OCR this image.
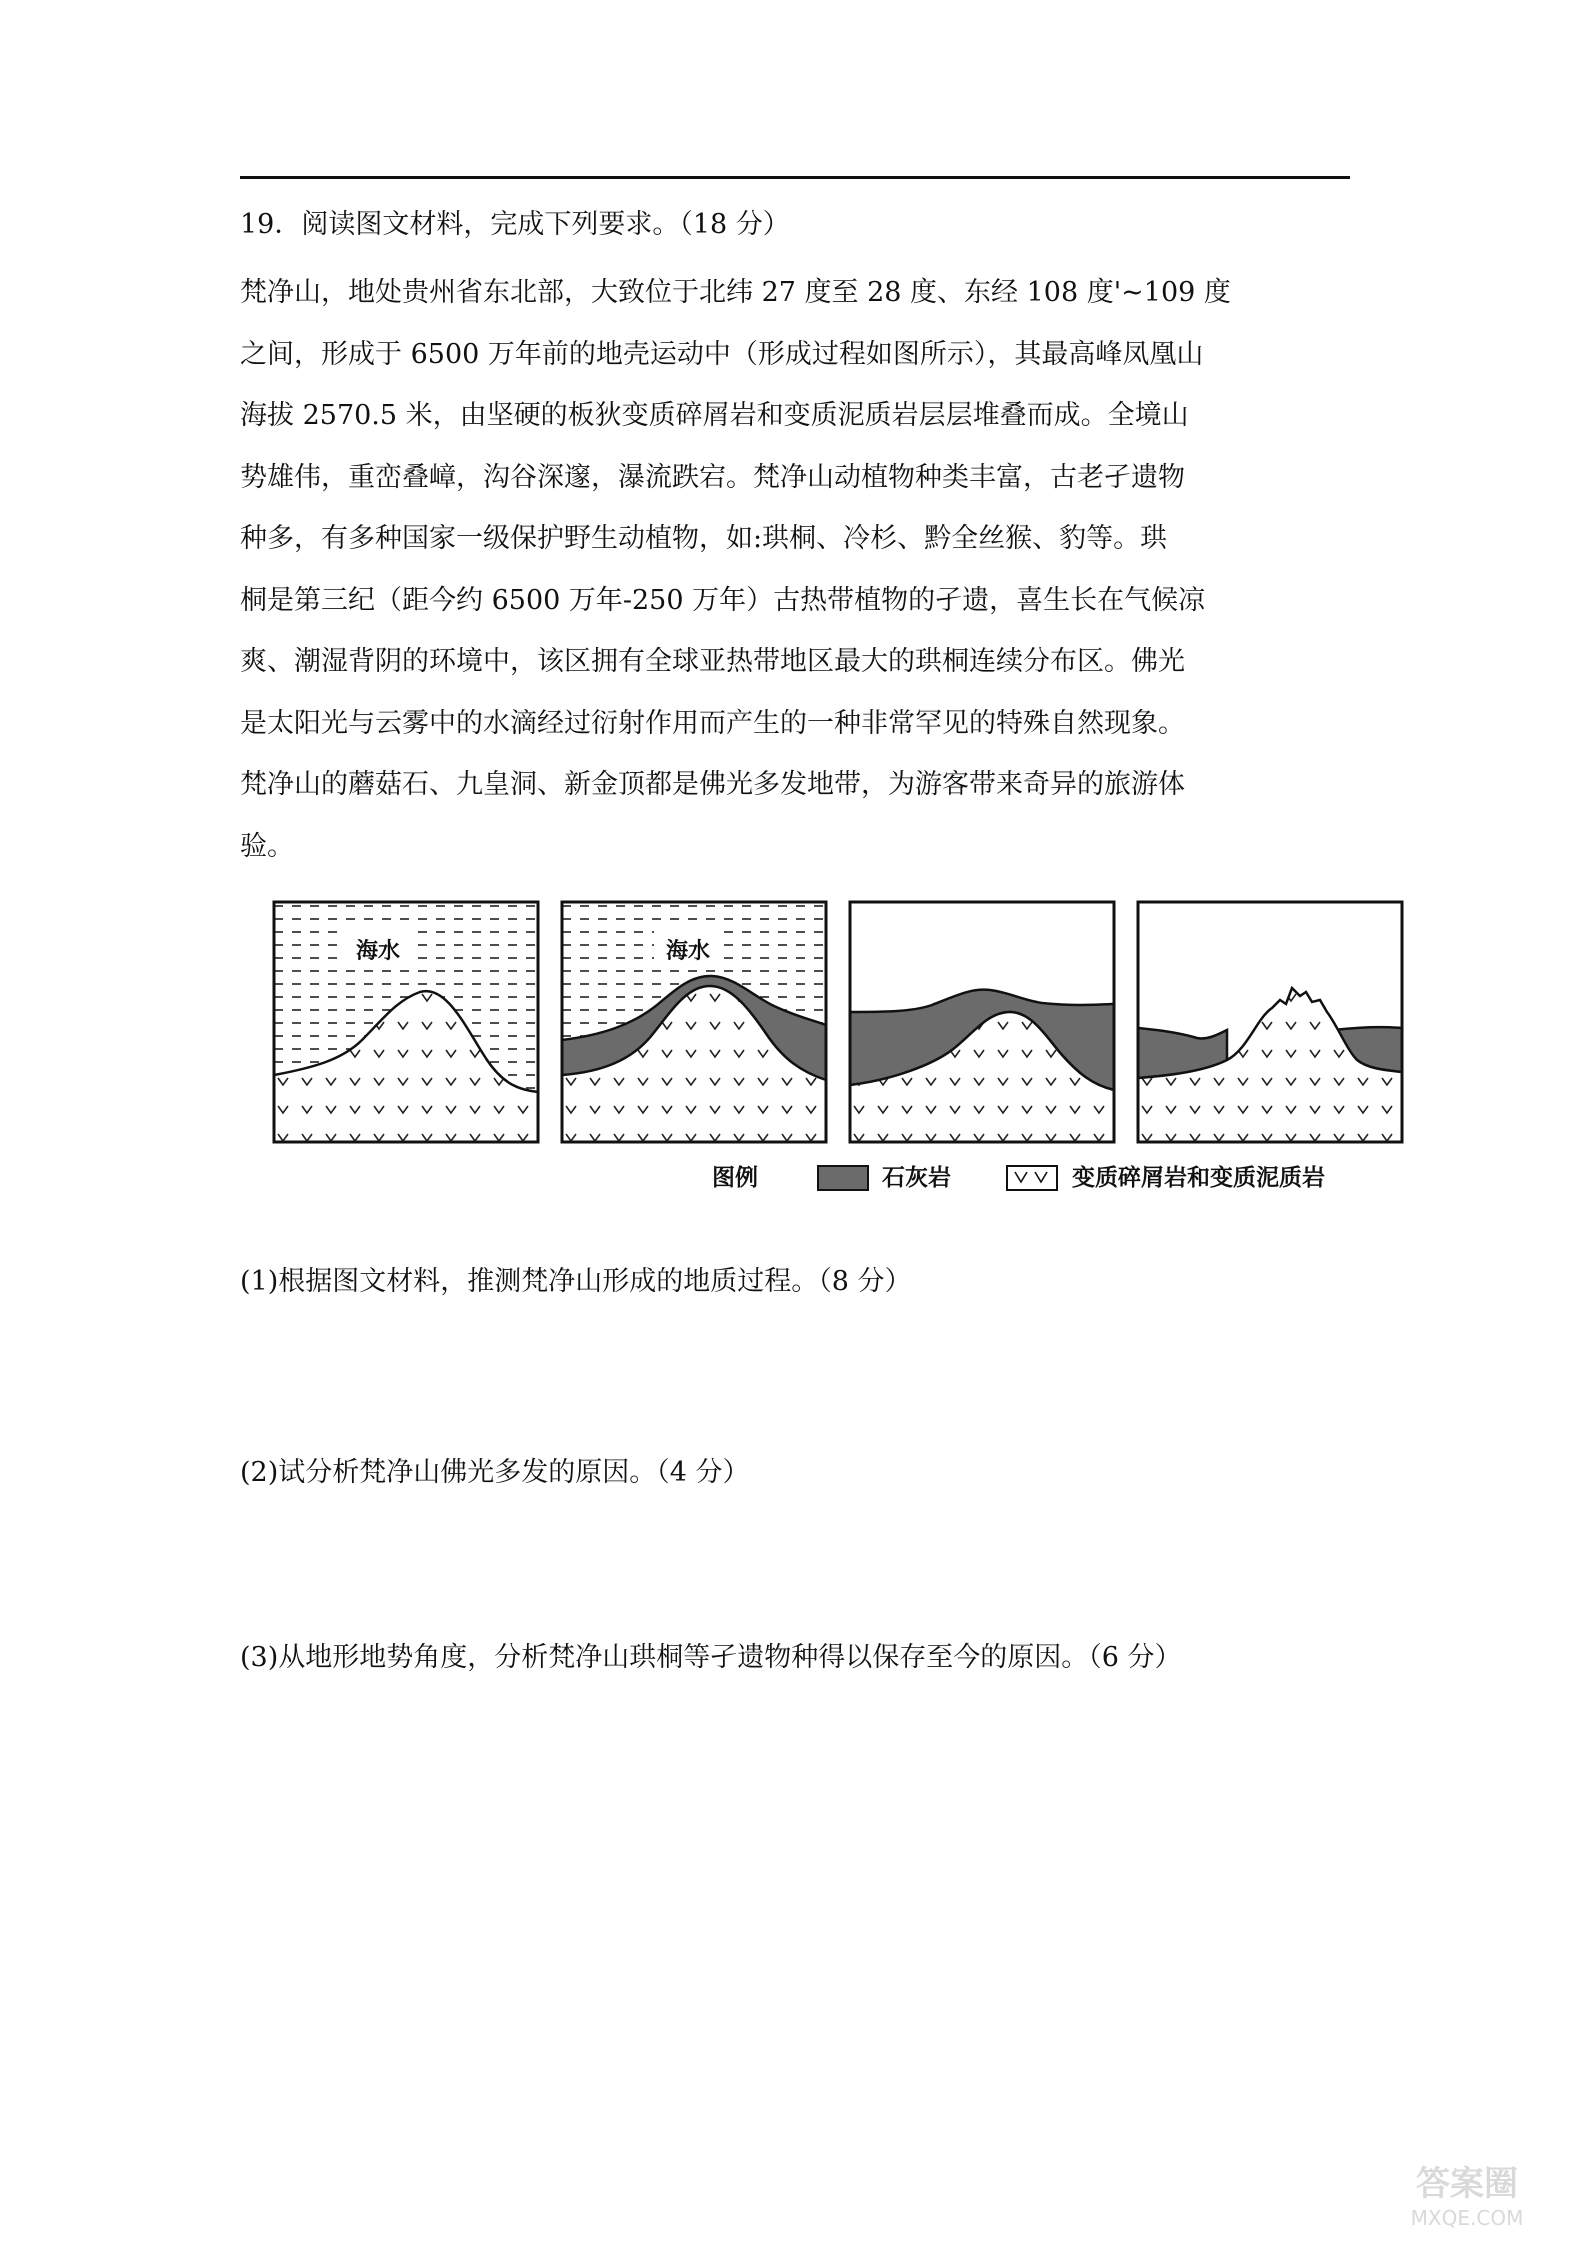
19．阅读图文材料，完成下列要求。（18 分）
梵净山，地处贵州省东北部，大致位于北纬 27 度至 28 度、东经 108 度'~109 度
之间，形成于 6500 万年前的地壳运动中（形成过程如图所示），其最高峰凤凰山
海拔 2570.5 米，由坚硬的板狄变质碎屑岩和变质泥质岩层层堆叠而成。全境山
势雄伟，重峦叠嶂，沟谷深邃，瀑流跌宕。梵净山动植物种类丰富，古老孑遗物
种多，有多种国家一级保护野生动植物，如:珙桐、冷杉、黔全丝猴、豹等。珙
桐是第三纪（距今约 6500 万年-250 万年）古热带植物的孑遗，喜生长在气候凉
爽、潮湿背阴的环境中，该区拥有全球亚热带地区最大的珙桐连续分布区。佛光
是太阳光与云雾中的水滴经过衍射作用而产生的一种非常罕见的特殊自然现象。
梵净山的蘑菇石、九皇洞、新金顶都是佛光多发地带，为游客带来奇异的旅游体
验。
海水	海水
图例	石灰岩	变质碎屑岩和变质泥质岩
(1)根据图文材料，推测梵净山形成的地质过程。（8 分）
(2)试分析梵净山佛光多发的原因。（4 分）
(3)从地形地势角度，分析梵净山珙桐等孑遗物种得以保存至今的原因。（6 分）
答案圈
MXQE.COM
